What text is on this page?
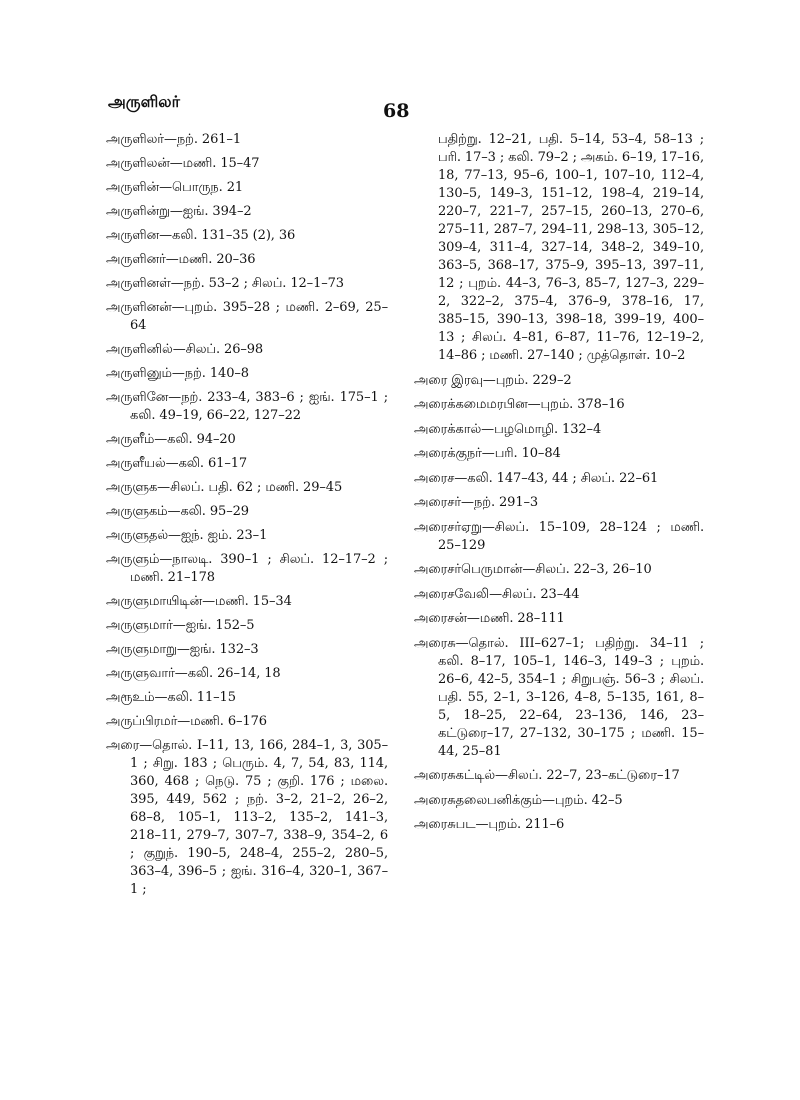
அருளிலர்	68
அருளிலர்—நற். 261–1
அருளிலன்—மணி. 15–47
அருளின்—பொருந. 21
அருளின்று—ஐங். 394–2
அருளின—கலி. 131–35 (2), 36
அருளினர்—மணி. 20–36
அருளினள்—நற். 53–2 ; சிலப். 12–1–73
அருளினன்—புறம். 395–28 ; மணி. 2–69, 25–64
அருளினில்—சிலப். 26–98
அருளினும்—நற். 140–8
அருளினே—நற். 233–4, 383–6 ; ஐங். 175–1 ; கலி. 49–19, 66–22, 127–22
அருளீம்—கலி. 94–20
அருளீயல்—கலி. 61–17
அருளுக—சிலப். பதி. 62 ; மணி. 29–45
அருளுகம்—கலி. 95–29
அருளுதல்—ஐந். ஐம். 23–1
அருளும்—நாலடி. 390–1 ; சிலப். 12–17–2 ; மணி. 21–178
அருளுமாயிடின்—மணி. 15–34
அருளுமார்—ஐங். 152–5
அருளுமாறு—ஐங். 132–3
அருளுவார்—கலி. 26–14, 18
அரூஉம்—கலி. 11–15
அருப்பிரமர்—மணி. 6–176
அரை—தொல். I–11, 13, 166, 284–1, 3, 305–1 ; சிறு. 183 ; பெரும். 4, 7, 54, 83, 114, 360, 468 ; நெடு. 75 ; குறி. 176 ; மலை. 395, 449, 562 ; நற். 3–2, 21–2, 26–2, 68–8, 105–1, 113–2, 135–2, 141–3, 218–11, 279–7, 307–7, 338–9, 354–2, 6 ; குறுந். 190–5, 248–4, 255–2, 280–5, 363–4, 396–5 ; ஐங். 316–4, 320–1, 367–1 ;
பதிற்று. 12–21, பதி. 5–14, 53–4, 58–13 ; பரி. 17–3 ; கலி. 79–2 ; அகம். 6–19, 17–16, 18, 77–13, 95–6, 100–1, 107–10, 112–4, 130–5, 149–3, 151–12, 198–4, 219–14, 220–7, 221–7, 257–15, 260–13, 270–6, 275–11, 287–7, 294–11, 298–13, 305–12, 309–4, 311–4, 327–14, 348–2, 349–10, 363–5, 368–17, 375–9, 395–13, 397–11, 12 ; புறம். 44–3, 76–3, 85–7, 127–3, 229–2, 322–2, 375–4, 376–9, 378–16, 17, 385–15, 390–13, 398–18, 399–19, 400–13 ; சிலப். 4–81, 6–87, 11–76, 12–19–2, 14–86 ; மணி. 27–140 ; முத்தொள். 10–2
அரை இரவு—புறம். 229–2
அரைக்கமைமரபின—புறம். 378–16
அரைக்கால்—பழமொழி. 132–4
அரைக்குநர்—பரி. 10–84
அரைச—கலி. 147–43, 44 ; சிலப். 22–61
அரைசர்—நற். 291–3
அரைசர்ஏறு—சிலப். 15–109, 28–124 ; மணி. 25–129
அரைசர்பெருமான்—சிலப். 22–3, 26–10
அரைசவேலி—சிலப். 23–44
அரைசன்—மணி. 28–111
அரைசு—தொல். III–627–1; பதிற்று. 34–11 ; கலி. 8–17, 105–1, 146–3, 149–3 ; புறம். 26–6, 42–5, 354–1 ; சிறுபஞ். 56–3 ; சிலப். பதி. 55, 2–1, 3–126, 4–8, 5–135, 161, 8–5, 18–25, 22–64, 23–136, 146, 23–கட்டுரை–17, 27–132, 30–175 ; மணி. 15–44, 25–81
அரைசுகட்டில்—சிலப். 22–7, 23–கட்டுரை–17
அரைசுதலைபனிக்கும்—புறம். 42–5
அரைசுபட—புறம். 211–6
